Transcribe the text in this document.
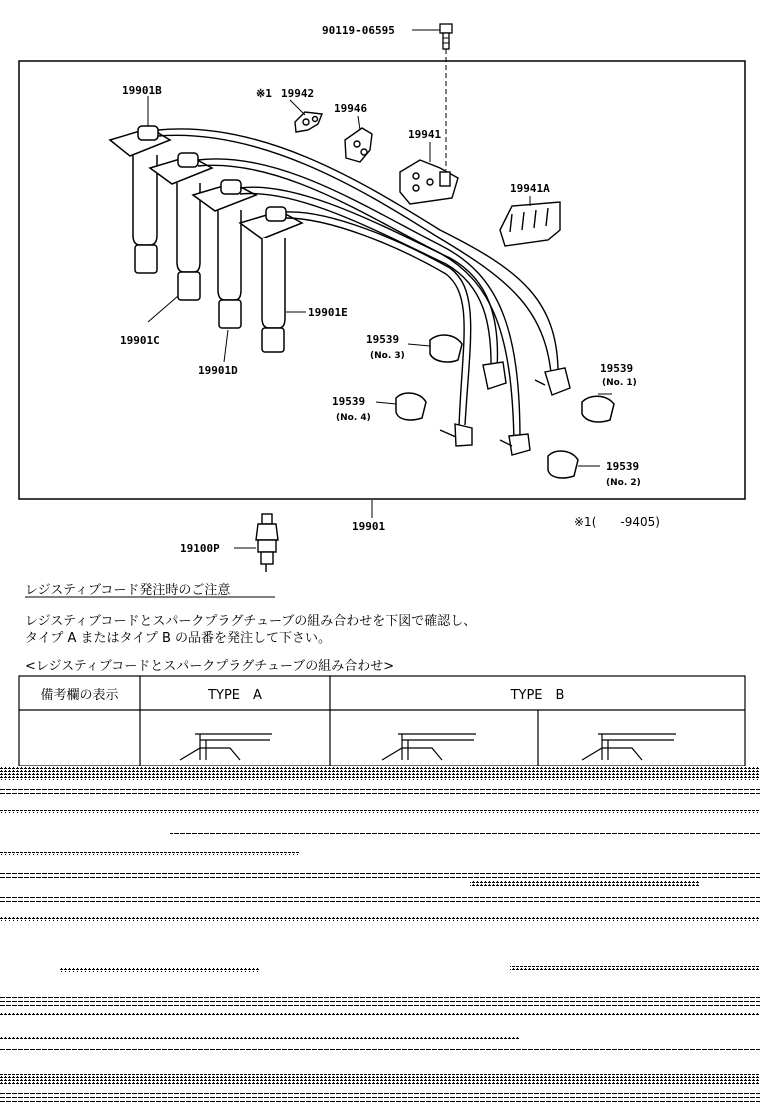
90119-06595
19901B	※1 19942
19946
19941
19941A
19901C
19901D
19901E
19539
(No. 3)
19539
(No. 1)
19539
(No. 4)
19539
(No. 2)
19901
19100P
※1(　　-9405)
レジスティブコード発注時のご注意
レジスティブコードとスパークプラグチューブの組み合わせを下図で確認し、
タイプ A またはタイプ B の品番を発注して下さい。
<レジスティブコードとスパークプラグチューブの組み合わせ>
備考欄の表示	TYPE　A	TYPE　B
